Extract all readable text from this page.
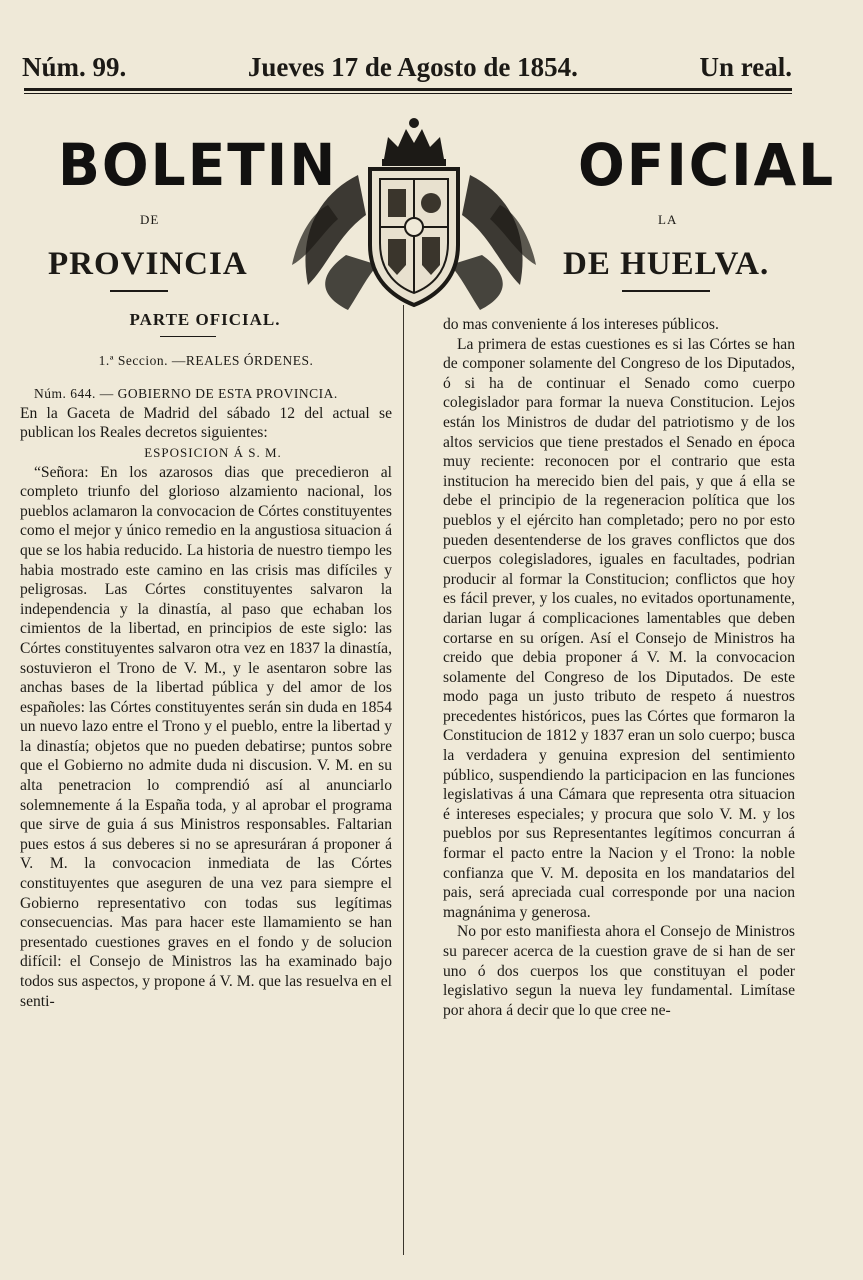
Núm. 99.	Jueves 17 de Agosto de 1854.	Un real.
BOLETIN
DE
PROVINCIA
OFICIAL
LA
DE HUELVA.
PARTE OFICIAL.
1.ª Seccion. —REALES ÓRDENES.

Núm. 644. — GOBIERNO DE ESTA PROVINCIA.

En la Gaceta de Madrid del sábado 12 del actual se publican los Reales decretos siguientes:

ESPOSICION Á S. M.

“Señora: En los azarosos dias que precedieron al completo triunfo del glorioso alzamiento nacional, los pueblos aclamaron la convocacion de Córtes constituyentes como el mejor y único remedio en la angustiosa situacion á que se los habia reducido. La historia de nuestro tiempo les habia mostrado este camino en las crisis mas difíciles y peligrosas. Las Córtes constituyentes salvaron la independencia y la dinastía, al paso que echaban los cimientos de la libertad, en principios de este siglo: las Córtes constituyentes salvaron otra vez en 1837 la dinastía, sostuvieron el Trono de V. M., y le asentaron sobre las anchas bases de la libertad pública y del amor de los españoles: las Córtes constituyentes serán sin duda en 1854 un nuevo lazo entre el Trono y el pueblo, entre la libertad y la dinastía; objetos que no pueden debatirse; puntos sobre que el Gobierno no admite duda ni discusion. V. M. en su alta penetracion lo comprendió así al anunciarlo solemnemente á la España toda, y al aprobar el programa que sirve de guia á sus Ministros responsables. Faltarian pues estos á sus deberes si no se apresuráran á proponer á V. M. la convocacion inmediata de las Córtes constituyentes que aseguren de una vez para siempre el Gobierno representativo con todas sus legítimas consecuencias. Mas para hacer este llamamiento se han presentado cuestiones graves en el fondo y de solucion difícil: el Consejo de Ministros las ha examinado bajo todos sus aspectos, y propone á V. M. que las resuelva en el senti-

do mas conveniente á los intereses públicos.

La primera de estas cuestiones es si las Córtes se han de componer solamente del Congreso de los Diputados, ó si ha de continuar el Senado como cuerpo colegislador para formar la nueva Constitucion. Lejos están los Ministros de dudar del patriotismo y de los altos servicios que tiene prestados el Senado en época muy reciente: reconocen por el contrario que esta institucion ha merecido bien del pais, y que á ella se debe el principio de la regeneracion política que los pueblos y el ejército han completado; pero no por esto pueden desentenderse de los graves conflictos que dos cuerpos colegisladores, iguales en facultades, podrian producir al formar la Constitucion; conflictos que hoy es fácil prever, y los cuales, no evitados oportunamente, darian lugar á complicaciones lamentables que deben cortarse en su orígen. Así el Consejo de Ministros ha creido que debia proponer á V. M. la convocacion solamente del Congreso de los Diputados. De este modo paga un justo tributo de respeto á nuestros precedentes históricos, pues las Córtes que formaron la Constitucion de 1812 y 1837 eran un solo cuerpo; busca la verdadera y genuina expresion del sentimiento público, suspendiendo la participacion en las funciones legislativas á una Cámara que representa otra situacion é intereses especiales; y procura que solo V. M. y los pueblos por sus Representantes legítimos concurran á formar el pacto entre la Nacion y el Trono: la noble confianza que V. M. deposita en los mandatarios del pais, será apreciada cual corresponde por una nacion magnánima y generosa.

No por esto manifiesta ahora el Consejo de Ministros su parecer acerca de la cuestion grave de si han de ser uno ó dos cuerpos los que constituyan el poder legislativo segun la nueva ley fundamental. Limítase por ahora á decir que lo que cree ne-
